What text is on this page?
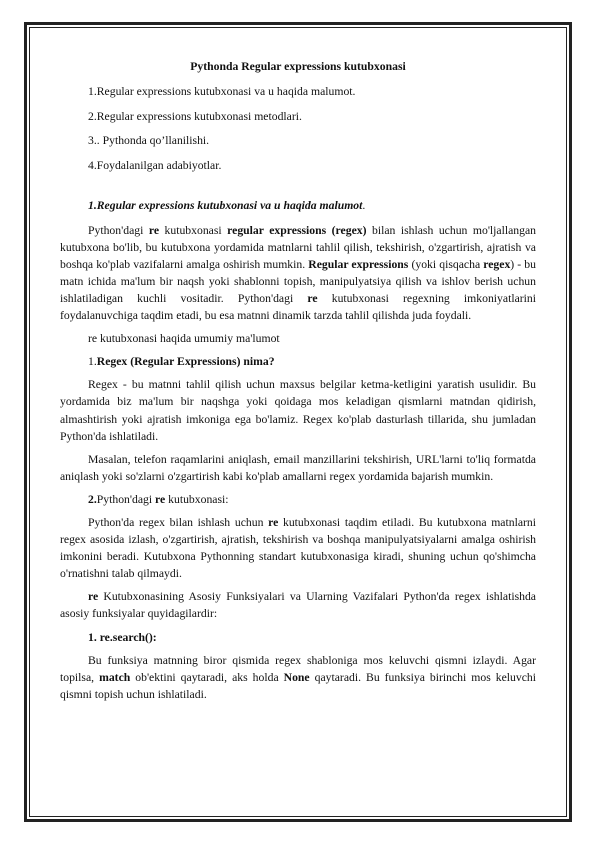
Pythonda Regular expressions kutubxonasi

1.Regular expressions kutubxonasi va u haqida malumot.

2.Regular expressions kutubxonasi metodlari.

3.. Pythonda qo’llanilishi.

4.Foydalanilgan adabiyotlar.

1.Regular expressions kutubxonasi va u haqida malumot.

Python'dagi re kutubxonasi regular expressions (regex) bilan ishlash uchun mo'ljallangan kutubxona bo'lib, bu kutubxona yordamida matnlarni tahlil qilish, tekshirish, o'zgartirish, ajratish va boshqa ko'plab vazifalarni amalga oshirish mumkin. Regular expressions (yoki qisqacha regex) - bu matn ichida ma'lum bir naqsh yoki shablonni topish, manipulyatsiya qilish va ishlov berish uchun ishlatiladigan kuchli vositadir. Python'dagi re kutubxonasi regexning imkoniyatlarini foydalanuvchiga taqdim etadi, bu esa matnni dinamik tarzda tahlil qilishda juda foydali.

re kutubxonasi haqida umumiy ma'lumot

1.Regex (Regular Expressions) nima?

Regex - bu matnni tahlil qilish uchun maxsus belgilar ketma-ketligini yaratish usulidir. Bu yordamida biz ma'lum bir naqshga yoki qoidaga mos keladigan qismlarni matndan qidirish, almashtirish yoki ajratish imkoniga ega bo'lamiz. Regex ko'plab dasturlash tillarida, shu jumladan Python'da ishlatiladi.

Masalan, telefon raqamlarini aniqlash, email manzillarini tekshirish, URL'larni to'liq formatda aniqlash yoki so'zlarni o'zgartirish kabi ko'plab amallarni regex yordamida bajarish mumkin.

2.Python'dagi re kutubxonasi:

Python'da regex bilan ishlash uchun re kutubxonasi taqdim etiladi. Bu kutubxona matnlarni regex asosida izlash, o'zgartirish, ajratish, tekshirish va boshqa manipulyatsiyalarni amalga oshirish imkonini beradi. Kutubxona Pythonning standart kutubxonasiga kiradi, shuning uchun qo'shimcha o'rnatishni talab qilmaydi.

re Kutubxonasining Asosiy Funksiyalari va Ularning Vazifalari Python'da regex ishlatishda asosiy funksiyalar quyidagilardir:

1. re.search():

Bu funksiya matnning biror qismida regex shabloniga mos keluvchi qismni izlaydi. Agar topilsa, match ob'ektini qaytaradi, aks holda None qaytaradi. Bu funksiya birinchi mos keluvchi qismni topish uchun ishlatiladi.
